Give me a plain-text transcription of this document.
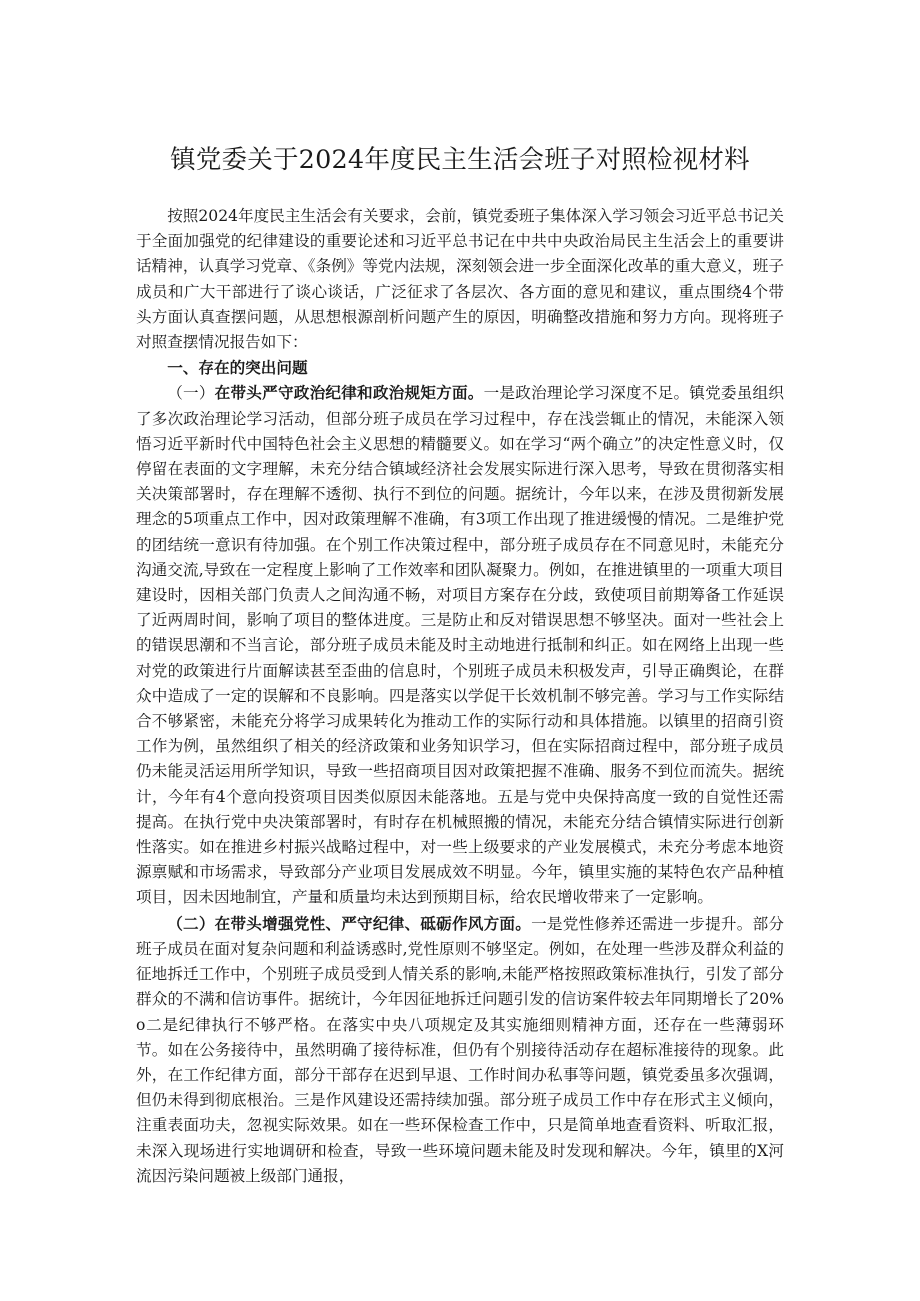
镇党委关于2024年度民主生活会班子对照检视材料

按照2024年度民主生活会有关要求，会前，镇党委班子集体深入学习领会习近平总书记关于全面加强党的纪律建设的重要论述和习近平总书记在中共中央政治局民主生活会上的重要讲话精神，认真学习党章、《条例》等党内法规，深刻领会进一步全面深化改革的重大意义，班子成员和广大干部进行了谈心谈话，广泛征求了各层次、各方面的意见和建议，重点围绕4个带头方面认真查摆问题，从思想根源剖析问题产生的原因，明确整改措施和努力方向。现将班子对照查摆情况报告如下：

一、存在的突出问题

（一）在带头严守政治纪律和政治规矩方面。一是政治理论学习深度不足。镇党委虽组织了多次政治理论学习活动，但部分班子成员在学习过程中，存在浅尝辄止的情况，未能深入领悟习近平新时代中国特色社会主义思想的精髓要义。如在学习“两个确立”的决定性意义时，仅停留在表面的文字理解，未充分结合镇域经济社会发展实际进行深入思考，导致在贯彻落实相关决策部署时，存在理解不透彻、执行不到位的问题。据统计，今年以来，在涉及贯彻新发展理念的5项重点工作中，因对政策理解不准确，有3项工作出现了推进缓慢的情况。二是维护党的团结统一意识有待加强。在个别工作决策过程中，部分班子成员存在不同意见时，未能充分沟通交流,导致在一定程度上影响了工作效率和团队凝聚力。例如，在推进镇里的一项重大项目建设时，因相关部门负责人之间沟通不畅，对项目方案存在分歧，致使项目前期筹备工作延误了近两周时间，影响了项目的整体进度。三是防止和反对错误思想不够坚决。面对一些社会上的错误思潮和不当言论，部分班子成员未能及时主动地进行抵制和纠正。如在网络上出现一些对党的政策进行片面解读甚至歪曲的信息时，个别班子成员未积极发声，引导正确舆论，在群众中造成了一定的误解和不良影响。四是落实以学促干长效机制不够完善。学习与工作实际结合不够紧密，未能充分将学习成果转化为推动工作的实际行动和具体措施。以镇里的招商引资工作为例，虽然组织了相关的经济政策和业务知识学习，但在实际招商过程中，部分班子成员仍未能灵活运用所学知识，导致一些招商项目因对政策把握不准确、服务不到位而流失。据统计，今年有4个意向投资项目因类似原因未能落地。五是与党中央保持高度一致的自觉性还需提高。在执行党中央决策部署时，有时存在机械照搬的情况，未能充分结合镇情实际进行创新性落实。如在推进乡村振兴战略过程中，对一些上级要求的产业发展模式，未充分考虑本地资源禀赋和市场需求，导致部分产业项目发展成效不明显。今年，镇里实施的某特色农产品种植项目，因未因地制宜，产量和质量均未达到预期目标，给农民增收带来了一定影响。

（二）在带头增强党性、严守纪律、砥砺作风方面。一是党性修养还需进一步提升。部分班子成员在面对复杂问题和利益诱惑时,党性原则不够坚定。例如，在处理一些涉及群众利益的征地拆迁工作中，个别班子成员受到人情关系的影响,未能严格按照政策标准执行，引发了部分群众的不满和信访事件。据统计，今年因征地拆迁问题引发的信访案件较去年同期增长了20%o二是纪律执行不够严格。在落实中央八项规定及其实施细则精神方面，还存在一些薄弱环节。如在公务接待中，虽然明确了接待标准，但仍有个别接待活动存在超标准接待的现象。此外，在工作纪律方面，部分干部存在迟到早退、工作时间办私事等问题，镇党委虽多次强调，但仍未得到彻底根治。三是作风建设还需持续加强。部分班子成员工作中存在形式主义倾向，注重表面功夫，忽视实际效果。如在一些环保检查工作中，只是简单地查看资料、听取汇报，未深入现场进行实地调研和检查，导致一些环境问题未能及时发现和解决。今年，镇里的X河流因污染问题被上级部门通报，
